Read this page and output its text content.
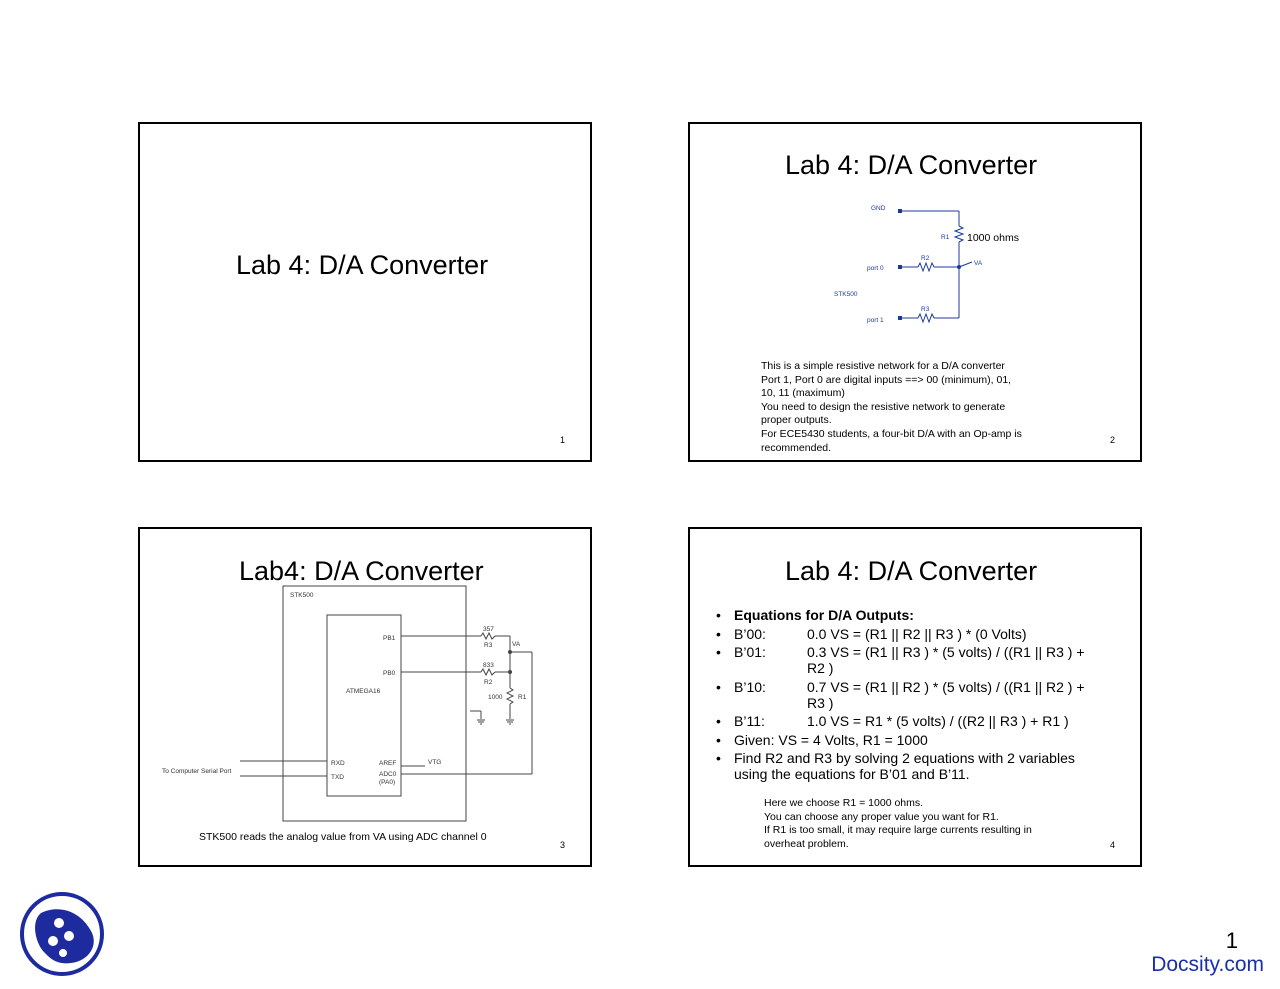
Lab 4: D/A Converter
1
Lab 4: D/A Converter
GND
R1
R2
port 0
VA
STK500
R3
port 1
1000 ohms
This is a simple resistive network for a D/A converter
Port 1, Port 0 are digital inputs ==> 00 (minimum), 01,
10, 11 (maximum)
You need to design the resistive network to generate
proper outputs.
For ECE5430 students, a four-bit D/A with an Op-amp is
recommended.
2
Lab4: D/A Converter
STK500
PB1
357
R3	VA
833
PB0
R2
ATMEGA16
1000 R1
RXD	AREF	VTG
To Computer Serial Port	ADC0
TXD
(PA0)
STK500 reads the analog value from VA using ADC channel 0
3
Lab 4: D/A Converter
• Equations for D/A Outputs:
• B’00:	0.0 VS = (R1 || R2 || R3 ) * (0 Volts)
• B’01:	0.3 VS = (R1 || R3 ) * (5 volts) / ((R1 || R3 ) +
R2 )
• B’10:	0.7 VS = (R1 || R2 ) * (5 volts) / ((R1 || R2 ) +
R3 )
• B’11:	1.0 VS = R1 * (5 volts) / ((R2 || R3 ) + R1 )
• Given: VS = 4 Volts, R1 = 1000
• Find R2 and R3 by solving 2 equations with 2 variables
using the equations for B’01 and B’11.
Here we choose R1 = 1000 ohms.
You can choose any proper value you want for R1.
If R1 is too small, it may require large currents resulting in
overheat problem.	4
1
Docsity.com
